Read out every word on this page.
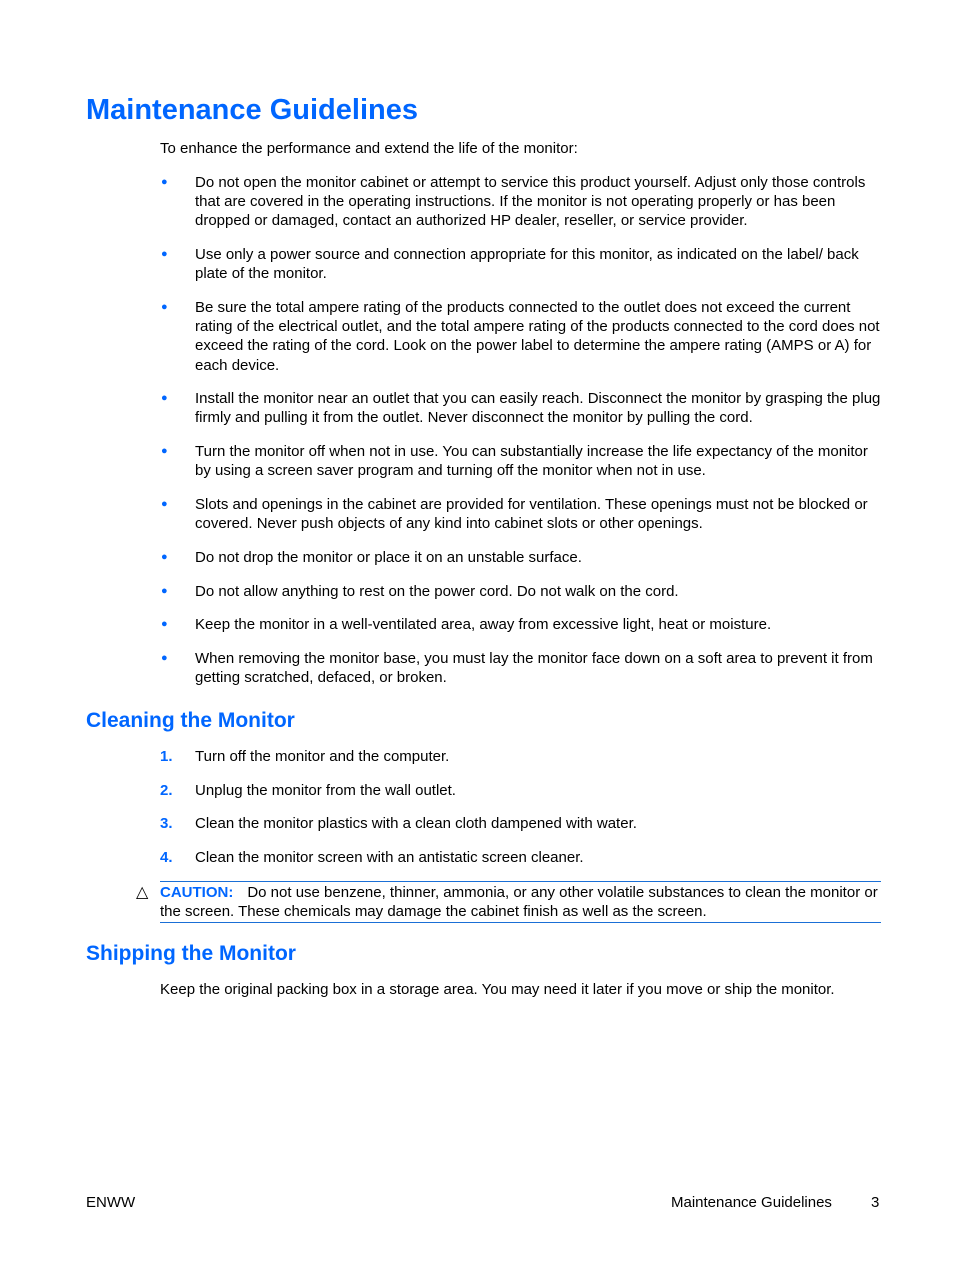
Maintenance Guidelines
To enhance the performance and extend the life of the monitor:
●	Do not open the monitor cabinet or attempt to service this product yourself. Adjust only those controls that are covered in the operating instructions. If the monitor is not operating properly or has been dropped or damaged, contact an authorized HP dealer, reseller, or service provider.
●	Use only a power source and connection appropriate for this monitor, as indicated on the label/ back plate of the monitor.
●	Be sure the total ampere rating of the products connected to the outlet does not exceed the current rating of the electrical outlet, and the total ampere rating of the products connected to the cord does not exceed the rating of the cord. Look on the power label to determine the ampere rating (AMPS or A) for each device.
●	Install the monitor near an outlet that you can easily reach. Disconnect the monitor by grasping the plug firmly and pulling it from the outlet. Never disconnect the monitor by pulling the cord.
●	Turn the monitor off when not in use. You can substantially increase the life expectancy of the monitor by using a screen saver program and turning off the monitor when not in use.
●	Slots and openings in the cabinet are provided for ventilation. These openings must not be blocked or covered. Never push objects of any kind into cabinet slots or other openings.
●	Do not drop the monitor or place it on an unstable surface.
●	Do not allow anything to rest on the power cord. Do not walk on the cord.
●	Keep the monitor in a well-ventilated area, away from excessive light, heat or moisture.
●	When removing the monitor base, you must lay the monitor face down on a soft area to prevent it from getting scratched, defaced, or broken.
Cleaning the Monitor
1.	Turn off the monitor and the computer.
2.	Unplug the monitor from the wall outlet.
3.	Clean the monitor plastics with a clean cloth dampened with water.
4.	Clean the monitor screen with an antistatic screen cleaner.
△ CAUTION: Do not use benzene, thinner, ammonia, or any other volatile substances to clean the monitor or the screen. These chemicals may damage the cabinet finish as well as the screen.
Shipping the Monitor
Keep the original packing box in a storage area. You may need it later if you move or ship the monitor.
ENWW	Maintenance Guidelines	3
